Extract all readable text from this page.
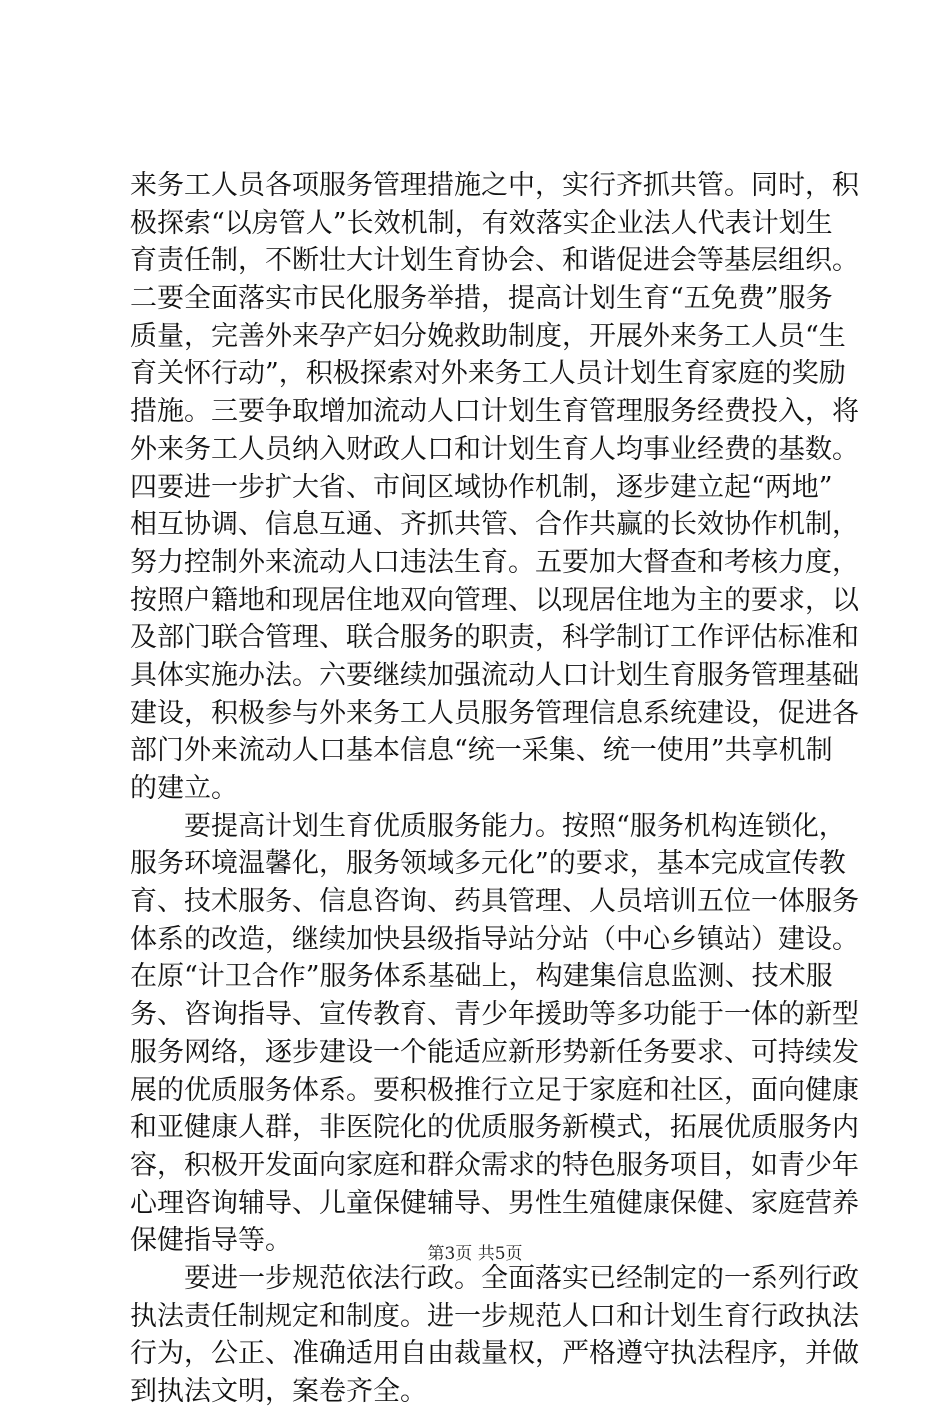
来务工人员各项服务管理措施之中，实行齐抓共管。同时，积
极探索“以房管人”长效机制，有效落实企业法人代表计划生
育责任制，不断壮大计划生育协会、和谐促进会等基层组织。
二要全面落实市民化服务举措，提高计划生育“五免费”服务
质量，完善外来孕产妇分娩救助制度，开展外来务工人员“生
育关怀行动”，积极探索对外来务工人员计划生育家庭的奖励
措施。三要争取增加流动人口计划生育管理服务经费投入，将
外来务工人员纳入财政人口和计划生育人均事业经费的基数。
四要进一步扩大省、市间区域协作机制，逐步建立起“两地”
相互协调、信息互通、齐抓共管、合作共赢的长效协作机制，
努力控制外来流动人口违法生育。五要加大督查和考核力度，
按照户籍地和现居住地双向管理、以现居住地为主的要求，以
及部门联合管理、联合服务的职责，科学制订工作评估标准和
具体实施办法。六要继续加强流动人口计划生育服务管理基础
建设，积极参与外来务工人员服务管理信息系统建设，促进各
部门外来流动人口基本信息“统一采集、统一使用”共享机制
的建立。
要提高计划生育优质服务能力。按照“服务机构连锁化，
服务环境温馨化，服务领域多元化”的要求，基本完成宣传教
育、技术服务、信息咨询、药具管理、人员培训五位一体服务
体系的改造，继续加快县级指导站分站（中心乡镇站）建设。
在原“计卫合作”服务体系基础上，构建集信息监测、技术服
务、咨询指导、宣传教育、青少年援助等多功能于一体的新型
服务网络，逐步建设一个能适应新形势新任务要求、可持续发
展的优质服务体系。要积极推行立足于家庭和社区，面向健康
和亚健康人群，非医院化的优质服务新模式，拓展优质服务内
容，积极开发面向家庭和群众需求的特色服务项目，如青少年
心理咨询辅导、儿童保健辅导、男性生殖健康保健、家庭营养
保健指导等。
要进一步规范依法行政。全面落实已经制定的一系列行政
执法责任制规定和制度。进一步规范人口和计划生育行政执法
行为，公正、准确适用自由裁量权，严格遵守执法程序，并做
到执法文明，案卷齐全。
第3页 共5页
